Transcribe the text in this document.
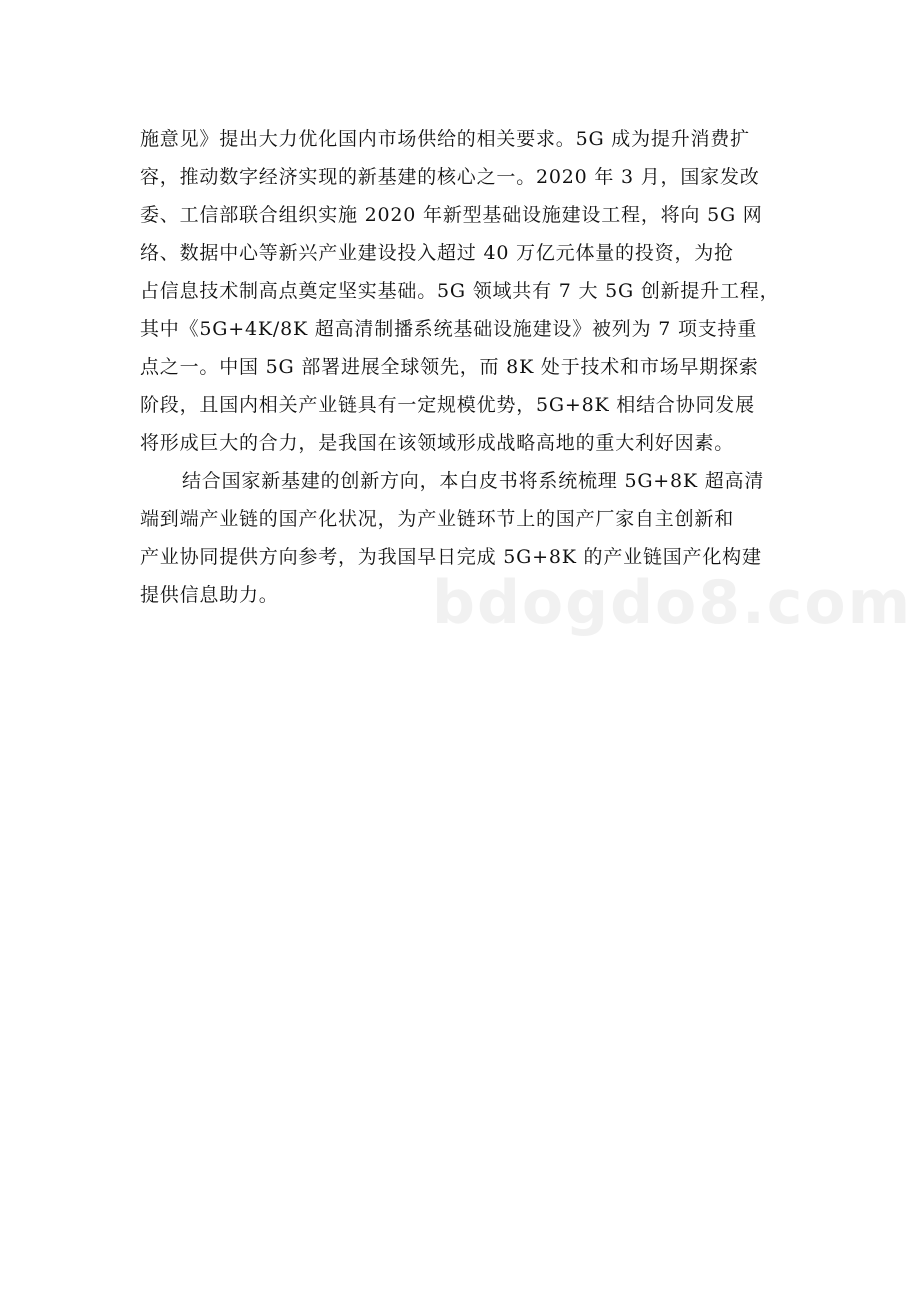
施意见》提出大力优化国内市场供给的相关要求。5G 成为提升消费扩
容，推动数字经济实现的新基建的核心之一。2020 年 3 月，国家发改
委、工信部联合组织实施 2020 年新型基础设施建设工程，将向 5G 网
络、数据中心等新兴产业建设投入超过 40 万亿元体量的投资，为抢
占信息技术制高点奠定坚实基础。5G 领域共有 7 大 5G 创新提升工程，
其中《5G+4K/8K 超高清制播系统基础设施建设》被列为 7 项支持重
点之一。中国 5G 部署进展全球领先，而 8K 处于技术和市场早期探索
阶段，且国内相关产业链具有一定规模优势，5G+8K 相结合协同发展
将形成巨大的合力，是我国在该领域形成战略高地的重大利好因素。
结合国家新基建的创新方向，本白皮书将系统梳理 5G+8K 超高清
端到端产业链的国产化状况，为产业链环节上的国产厂家自主创新和
产业协同提供方向参考，为我国早日完成 5G+8K 的产业链国产化构建
提供信息助力。	bdogdo8.com
